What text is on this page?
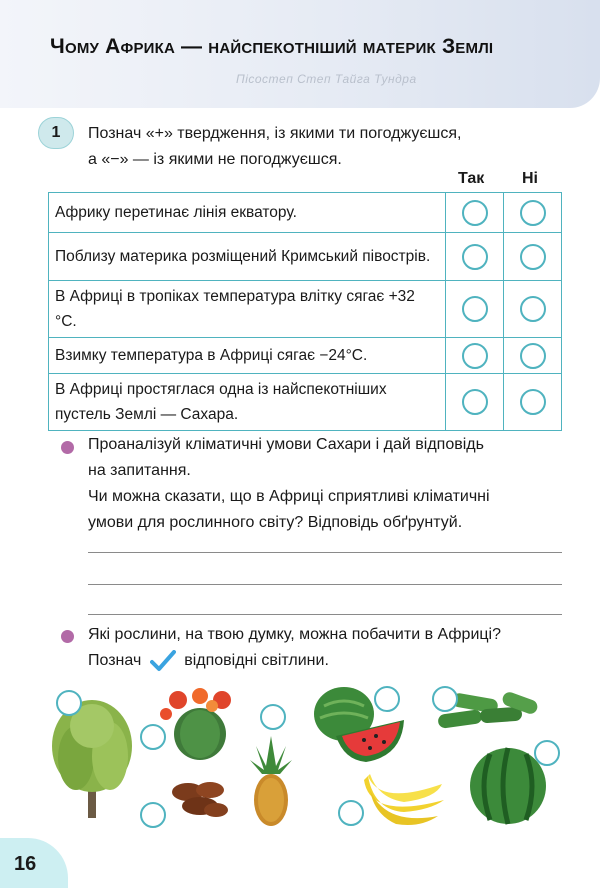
Пісостеп Степ Тайга Тундра
Чому Африка — найспекотніший материк Землі
1	Познач «+» твердження, із якими ти погоджуєшся,
а «−» — із якими не погоджуєшся.
Так Ні
Африку перетинає лінія екватору.		
Поблизу материка розміщений Кримський півострів.		
В Африці в тропіках температура влітку сягає +32 °С.		
Взимку температура в Африці сягає −24°С.		
В Африці простяглася одна із найспекотніших пустель Землі — Сахара.		
Проаналізуй кліматичні умови Сахари і дай відповідь
на запитання.
Чи можна сказати, що в Африці сприятливі кліматичні
умови для рослинного світу? Відповідь обґрунтуй.
Які рослини, на твою думку, можна побачити в Африці?
Познач	відповідні світлини.
16
